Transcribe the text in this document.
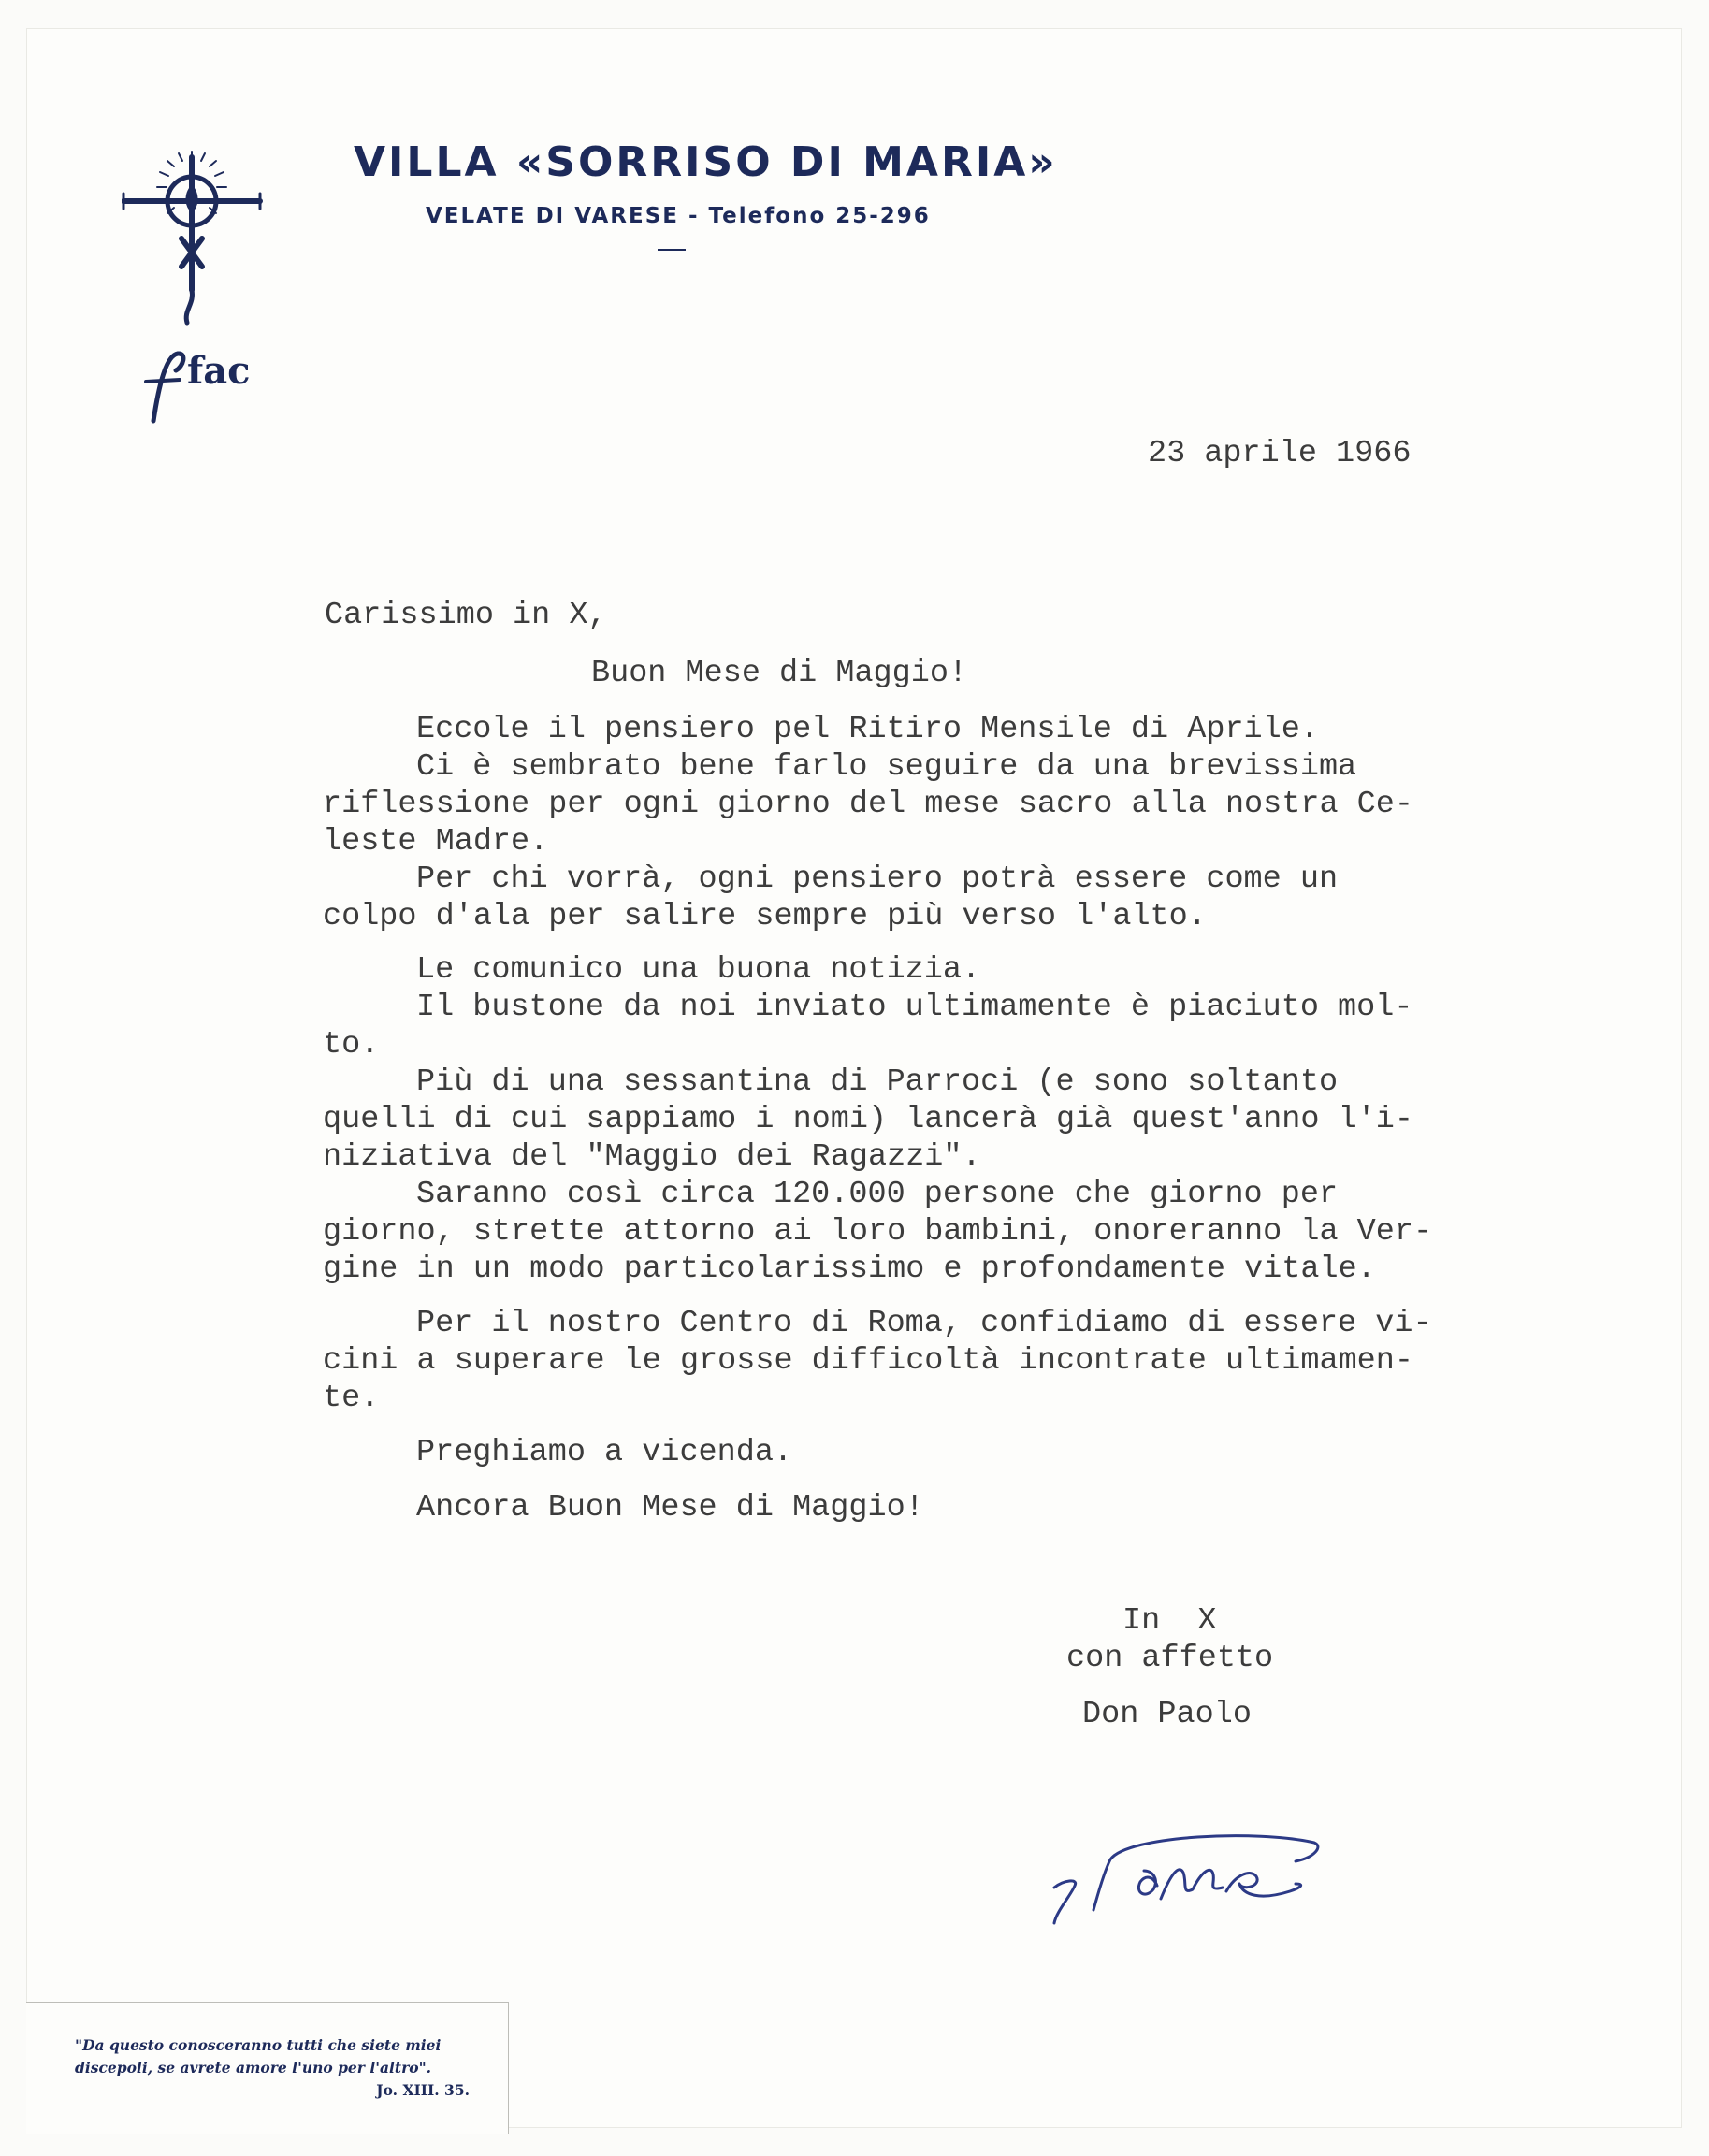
fac
VILLA «SORRISO DI MARIA»
VELATE DI VARESE - Telefono 25-296
23 aprile 1966
Carissimo in X,
Buon Mese di Maggio!
Eccole il pensiero pel Ritiro Mensile di Aprile.
Ci è sembrato bene farlo seguire da una brevissima
riflessione per ogni giorno del mese sacro alla nostra Ce-
leste Madre.
Per chi vorrà, ogni pensiero potrà essere come un
colpo d'ala per salire sempre più verso l'alto.
Le comunico una buona notizia.
Il bustone da noi inviato ultimamente è piaciuto mol-
to.
Più di una sessantina di Parroci (e sono soltanto
quelli di cui sappiamo i nomi) lancerà già quest'anno l'i-
niziativa del "Maggio dei Ragazzi".
Saranno così circa 120.000 persone che giorno per
giorno, strette attorno ai loro bambini, onoreranno la Ver-
gine in un modo particolarissimo e profondamente vitale.
Per il nostro Centro di Roma, confidiamo di essere vi-
cini a superare le grosse difficoltà incontrate ultimamen-
te.
Preghiamo a vicenda.
Ancora Buon Mese di Maggio!
In  X
con affetto
Don Paolo
"Da questo conosceranno tutti che siete miei
discepoli, se avrete amore l'uno per l'altro".
Jo. XIII. 35.
